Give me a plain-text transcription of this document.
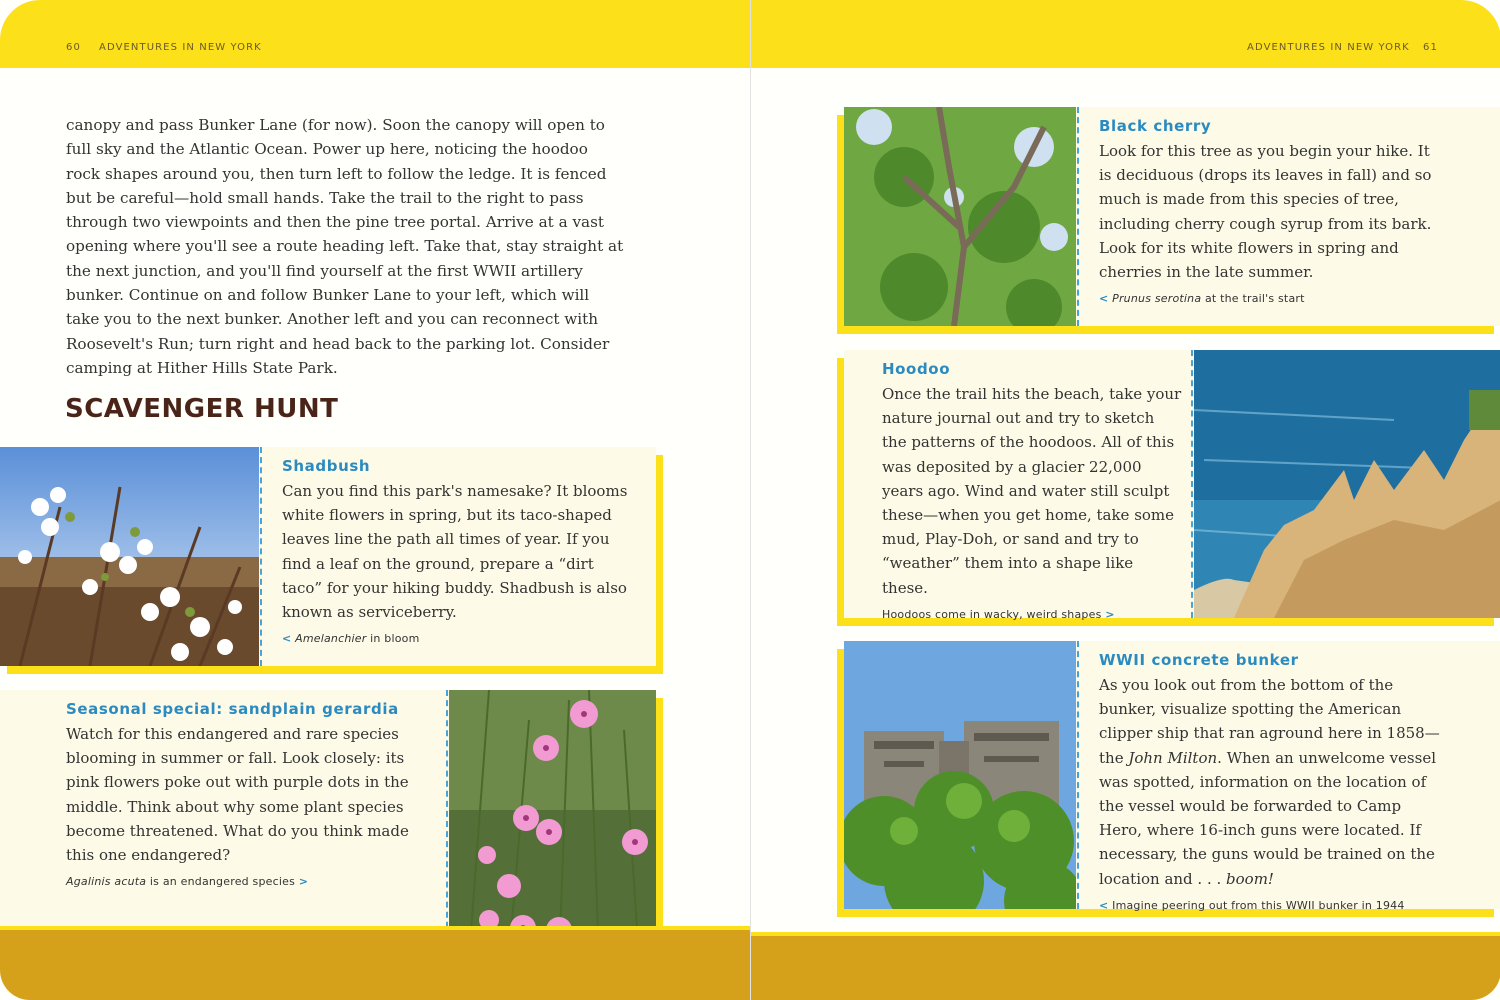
60 ADVENTURES IN NEW YORK

canopy and pass Bunker Lane (for now). Soon the canopy will open to full sky and the Atlantic Ocean. Power up here, noticing the hoodoo rock shapes around you, then turn left to follow the ledge. It is fenced but be careful—hold small hands. Take the trail to the right to pass through two viewpoints and then the pine tree portal. Arrive at a vast opening where you'll see a route heading left. Take that, stay straight at the next junction, and you'll find yourself at the first WWII artillery bunker. Continue on and follow Bunker Lane to your left, which will take you to the next bunker. Another left and you can reconnect with Roosevelt's Run; turn right and head back to the parking lot. Consider camping at Hither Hills State Park.

SCAVENGER HUNT
Shadbush

Can you find this park's namesake? It blooms white flowers in spring, but its taco-shaped leaves line the path all times of year. If you find a leaf on the ground, prepare a “dirt taco” for your hiking buddy. Shadbush is also known as serviceberry.

< Amelanchier in bloom

Seasonal special: sandplain gerardia

Watch for this endangered and rare species blooming in summer or fall. Look closely: its pink flowers poke out with purple dots in the middle. Think about why some plant species become threatened. What do you think made this one endangered?

Agalinis acuta is an endangered species >

ADVENTURES IN NEW YORK 61
Black cherry

Look for this tree as you begin your hike. It is deciduous (drops its leaves in fall) and so much is made from this species of tree, including cherry cough syrup from its bark. Look for its white flowers in spring and cherries in the late summer.

< Prunus serotina at the trail's start

Hoodoo

Once the trail hits the beach, take your nature journal out and try to sketch the patterns of the hoodoos. All of this was deposited by a glacier 22,000 years ago. Wind and water still sculpt these—when you get home, take some mud, Play-Doh, or sand and try to “weather” them into a shape like these.

Hoodoos come in wacky, weird shapes >

WWII concrete bunker

As you look out from the bottom of the bunker, visualize spotting the American clipper ship that ran aground here in 1858—the John Milton. When an unwelcome vessel was spotted, information on the location of the vessel would be forwarded to Camp Hero, where 16-inch guns were located. If necessary, the guns would be trained on the location and . . . boom!

< Imagine peering out from this WWII bunker in 1944
